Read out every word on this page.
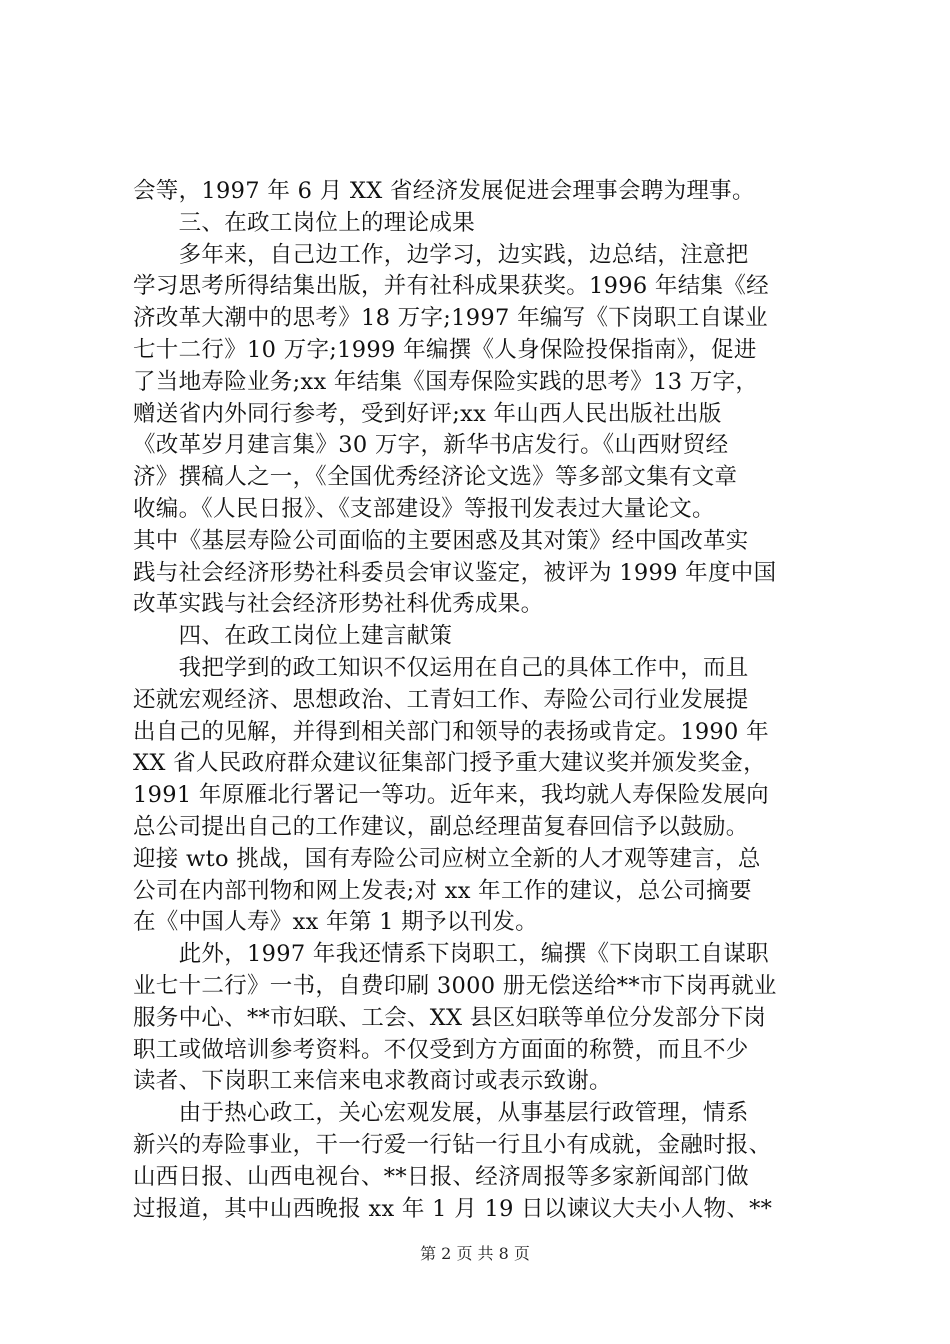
会等，1997 年 6 月 XX 省经济发展促进会理事会聘为理事。
　　三、在政工岗位上的理论成果
　　多年来，自己边工作，边学习，边实践，边总结，注意把
学习思考所得结集出版，并有社科成果获奖。1996 年结集《经
济改革大潮中的思考》18 万字;1997 年编写《下岗职工自谋业
七十二行》10 万字;1999 年编撰《人身保险投保指南》，促进
了当地寿险业务;xx 年结集《国寿保险实践的思考》13 万字，
赠送省内外同行参考，受到好评;xx 年山西人民出版社出版
《改革岁月建言集》30 万字，新华书店发行。《山西财贸经
济》撰稿人之一，《全国优秀经济论文选》等多部文集有文章
收编。《人民日报》、《支部建设》等报刊发表过大量论文。
其中《基层寿险公司面临的主要困惑及其对策》经中国改革实
践与社会经济形势社科委员会审议鉴定，被评为 1999 年度中国
改革实践与社会经济形势社科优秀成果。
　　四、在政工岗位上建言献策
　　我把学到的政工知识不仅运用在自己的具体工作中，而且
还就宏观经济、思想政治、工青妇工作、寿险公司行业发展提
出自己的见解，并得到相关部门和领导的表扬或肯定。1990 年
XX 省人民政府群众建议征集部门授予重大建议奖并颁发奖金，
1991 年原雁北行署记一等功。近年来，我均就人寿保险发展向
总公司提出自己的工作建议，副总经理苗复春回信予以鼓励。
迎接 wto 挑战，国有寿险公司应树立全新的人才观等建言，总
公司在内部刊物和网上发表;对 xx 年工作的建议，总公司摘要
在《中国人寿》xx 年第 1 期予以刊发。
　　此外，1997 年我还情系下岗职工，编撰《下岗职工自谋职
业七十二行》一书，自费印刷 3000 册无偿送给**市下岗再就业
服务中心、**市妇联、工会、XX 县区妇联等单位分发部分下岗
职工或做培训参考资料。不仅受到方方面面的称赞，而且不少
读者、下岗职工来信来电求教商讨或表示致谢。
　　由于热心政工，关心宏观发展，从事基层行政管理，情系
新兴的寿险事业，干一行爱一行钻一行且小有成就，金融时报、
山西日报、山西电视台、**日报、经济周报等多家新闻部门做
过报道，其中山西晚报 xx 年 1 月 19 日以谏议大夫小人物、**
第 2 页 共 8 页
